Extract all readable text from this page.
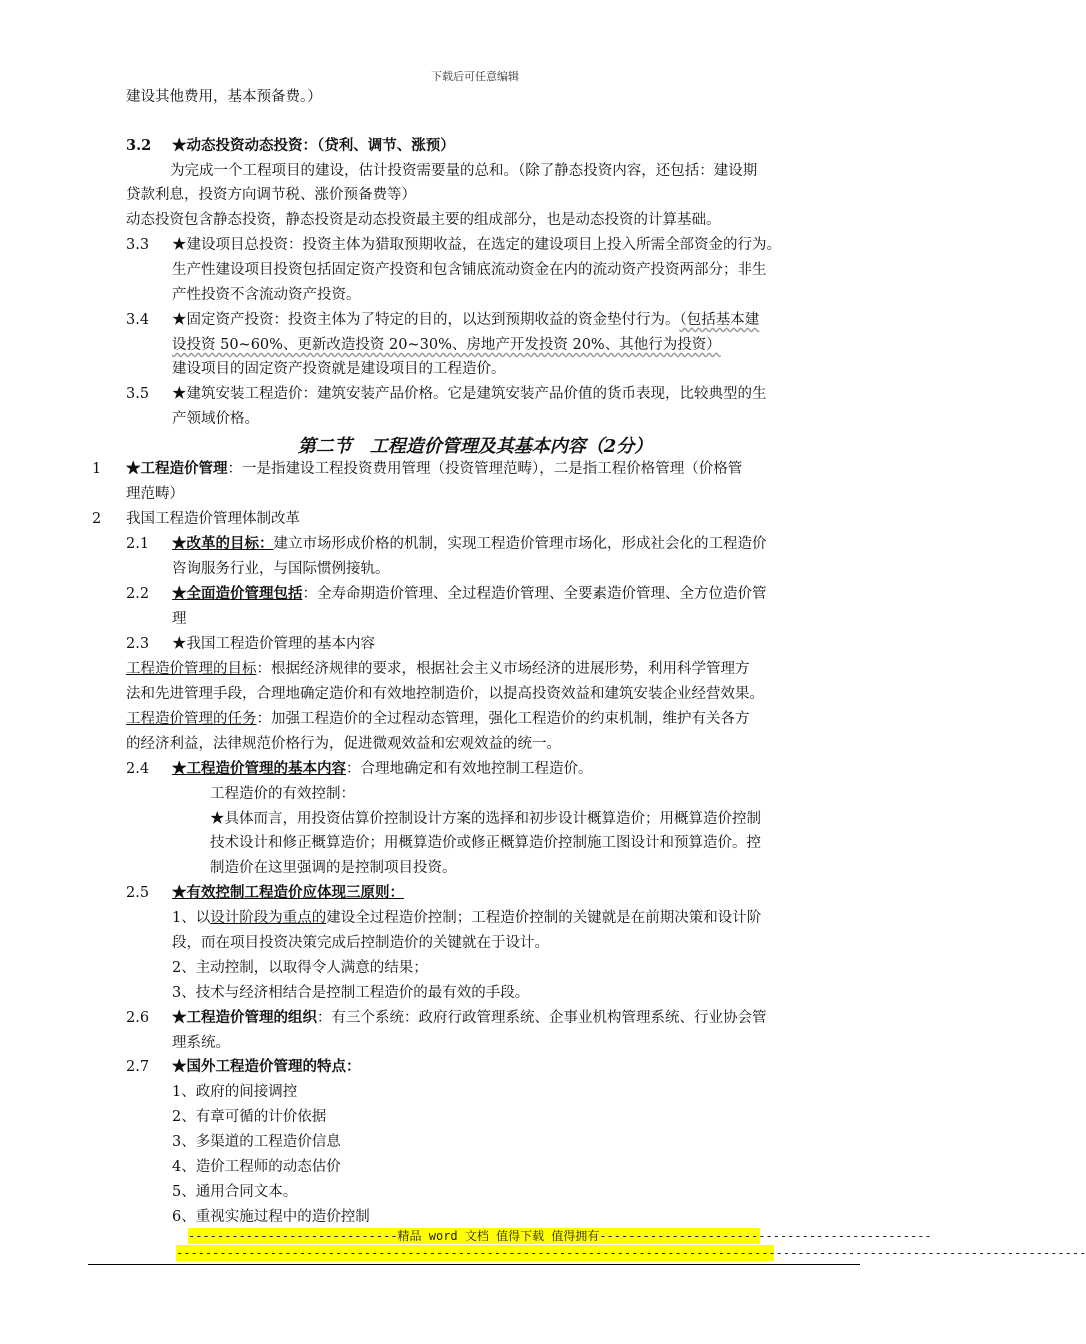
下载后可任意编辑
建设其他费用，基本预备费。）
3.2 ★动态投资动态投资：（贷利、调节、涨预）
为完成一个工程项目的建设，估计投资需要量的总和。（除了静态投资内容，还包括：建设期
贷款利息，投资方向调节税、涨价预备费等）
动态投资包含静态投资，静态投资是动态投资最主要的组成部分，也是动态投资的计算基础。
3.3 ★建设项目总投资：投资主体为猎取预期收益，在选定的建设项目上投入所需全部资金的行为。
生产性建设项目投资包括固定资产投资和包含铺底流动资金在内的流动资产投资两部分；非生
产性投资不含流动资产投资。
3.4 ★固定资产投资：投资主体为了特定的目的，以达到预期收益的资金垫付行为。（包括基本建
设投资 50~60%、更新改造投资 20~30%、房地产开发投资 20%、其他行为投资）
建设项目的固定资产投资就是建设项目的工程造价。
3.5 ★建筑安装工程造价：建筑安装产品价格。它是建筑安装产品价值的货币表现，比较典型的生
产领域价格。
第二节　工程造价管理及其基本内容（2分）
1 ★工程造价管理：一是指建设工程投资费用管理（投资管理范畴），二是指工程价格管理（价格管
理范畴）
2 我国工程造价管理体制改革
2.1 ★改革的目标：建立市场形成价格的机制，实现工程造价管理市场化，形成社会化的工程造价
咨询服务行业，与国际惯例接轨。
2.2 ★全面造价管理包括：全寿命期造价管理、全过程造价管理、全要素造价管理、全方位造价管
理
2.3 ★我国工程造价管理的基本内容
工程造价管理的目标：根据经济规律的要求，根据社会主义市场经济的进展形势，利用科学管理方
法和先进管理手段，合理地确定造价和有效地控制造价，以提高投资效益和建筑安装企业经营效果。
工程造价管理的任务：加强工程造价的全过程动态管理，强化工程造价的约束机制，维护有关各方
的经济利益，法律规范价格行为，促进微观效益和宏观效益的统一。
2.4 ★工程造价管理的基本内容：合理地确定和有效地控制工程造价。
工程造价的有效控制：
★具体而言，用投资估算价控制设计方案的选择和初步设计概算造价；用概算造价控制
技术设计和修正概算造价；用概算造价或修正概算造价控制施工图设计和预算造价。控
制造价在这里强调的是控制项目投资。
2.5 ★有效控制工程造价应体现三原则：
1、以设计阶段为重点的建设全过程造价控制；工程造价控制的关键就是在前期决策和设计阶
段，而在项目投资决策完成后控制造价的关键就在于设计。
2、主动控制，以取得令人满意的结果；
3、技术与经济相结合是控制工程造价的最有效的手段。
2.6 ★工程造价管理的组织：有三个系统：政府行政管理系统、企事业机构管理系统、行业协会管
理系统。
2.7 ★国外工程造价管理的特点：
1、政府的间接调控
2、有章可循的计价依据
3、多渠道的工程造价信息
4、造价工程师的动态估价
5、通用合同文本。
6、重视实施过程中的造价控制
-----------------------------精品 word 文档 值得下载 值得拥有----------------------------------------------
------------------------------------------------------------------------------------------------------------------------------
